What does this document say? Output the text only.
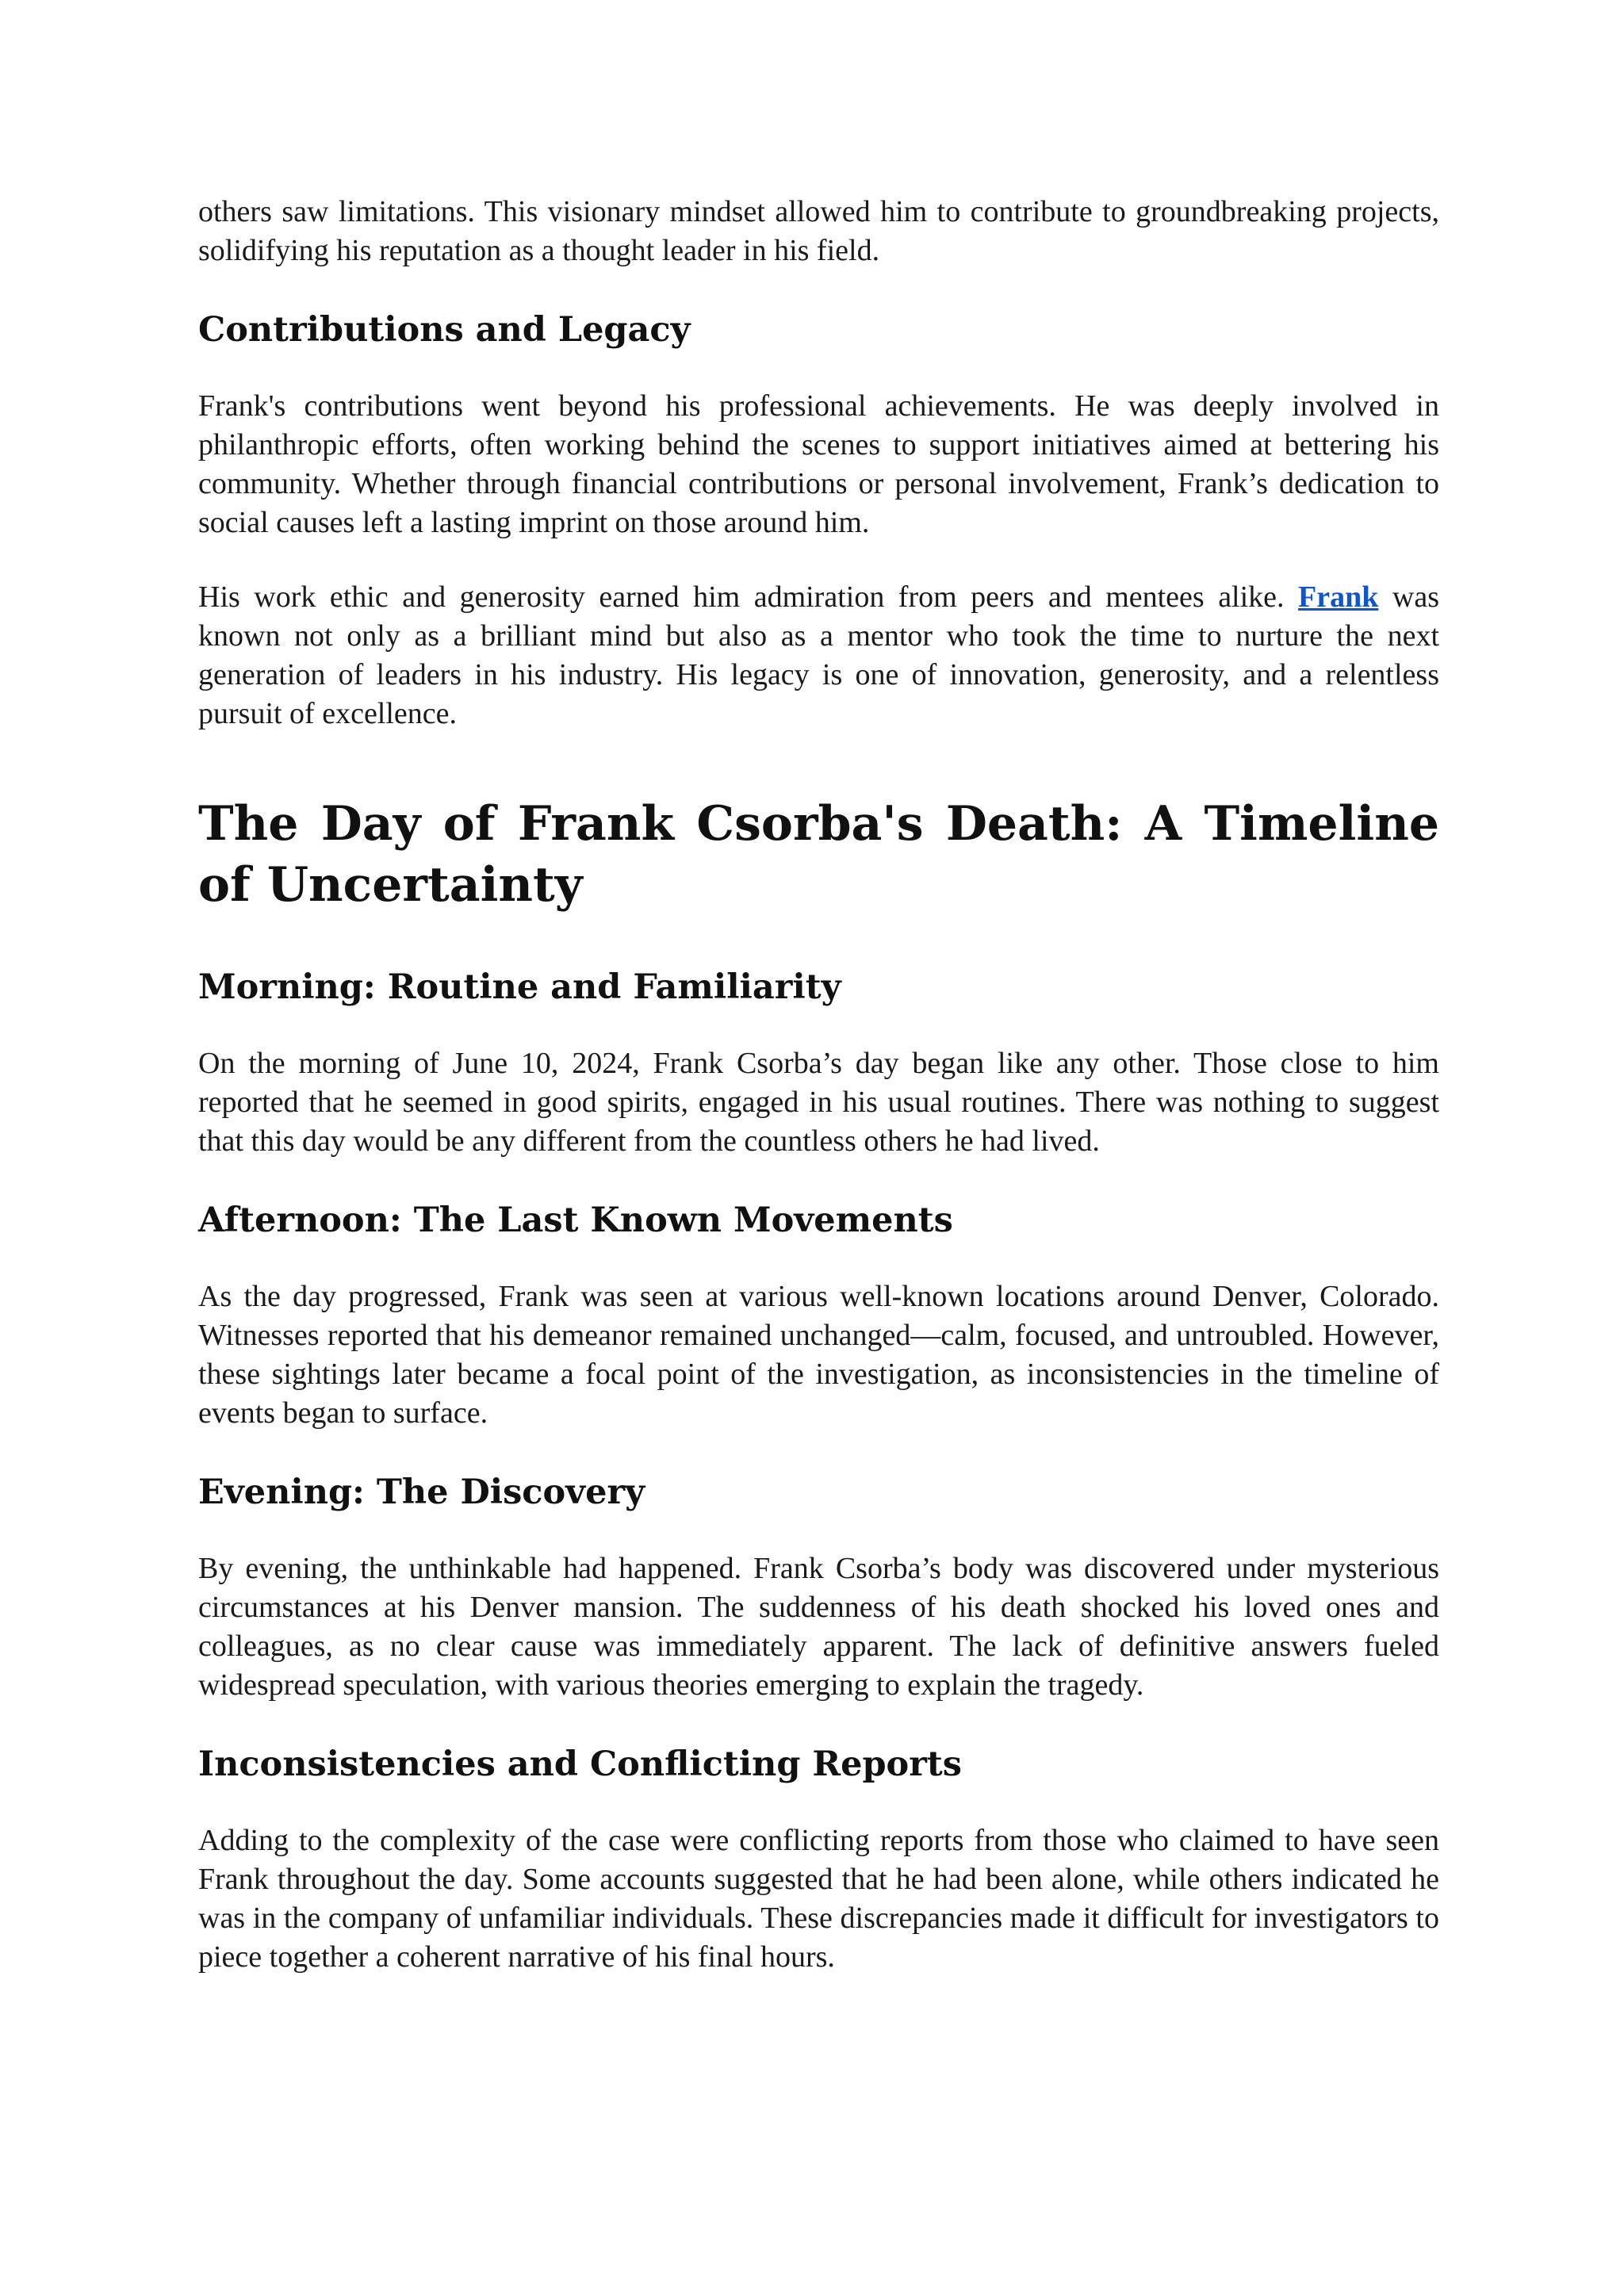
others saw limitations. This visionary mindset allowed him to contribute to groundbreaking projects, solidifying his reputation as a thought leader in his field.

Contributions and Legacy

Frank's contributions went beyond his professional achievements. He was deeply involved in philanthropic efforts, often working behind the scenes to support initiatives aimed at bettering his community. Whether through financial contributions or personal involvement, Frank’s dedication to social causes left a lasting imprint on those around him.

His work ethic and generosity earned him admiration from peers and mentees alike. Frank was known not only as a brilliant mind but also as a mentor who took the time to nurture the next generation of leaders in his industry. His legacy is one of innovation, generosity, and a relentless pursuit of excellence.

The Day of Frank Csorba's Death: A Timeline of Uncertainty
Morning: Routine and Familiarity

On the morning of June 10, 2024, Frank Csorba’s day began like any other. Those close to him reported that he seemed in good spirits, engaged in his usual routines. There was nothing to suggest that this day would be any different from the countless others he had lived.

Afternoon: The Last Known Movements

As the day progressed, Frank was seen at various well-known locations around Denver, Colorado. Witnesses reported that his demeanor remained unchanged—calm, focused, and untroubled. However, these sightings later became a focal point of the investigation, as inconsistencies in the timeline of events began to surface.

Evening: The Discovery

By evening, the unthinkable had happened. Frank Csorba’s body was discovered under mysterious circumstances at his Denver mansion. The suddenness of his death shocked his loved ones and colleagues, as no clear cause was immediately apparent. The lack of definitive answers fueled widespread speculation, with various theories emerging to explain the tragedy.

Inconsistencies and Conflicting Reports

Adding to the complexity of the case were conflicting reports from those who claimed to have seen Frank throughout the day. Some accounts suggested that he had been alone, while others indicated he was in the company of unfamiliar individuals. These discrepancies made it difficult for investigators to piece together a coherent narrative of his final hours.
